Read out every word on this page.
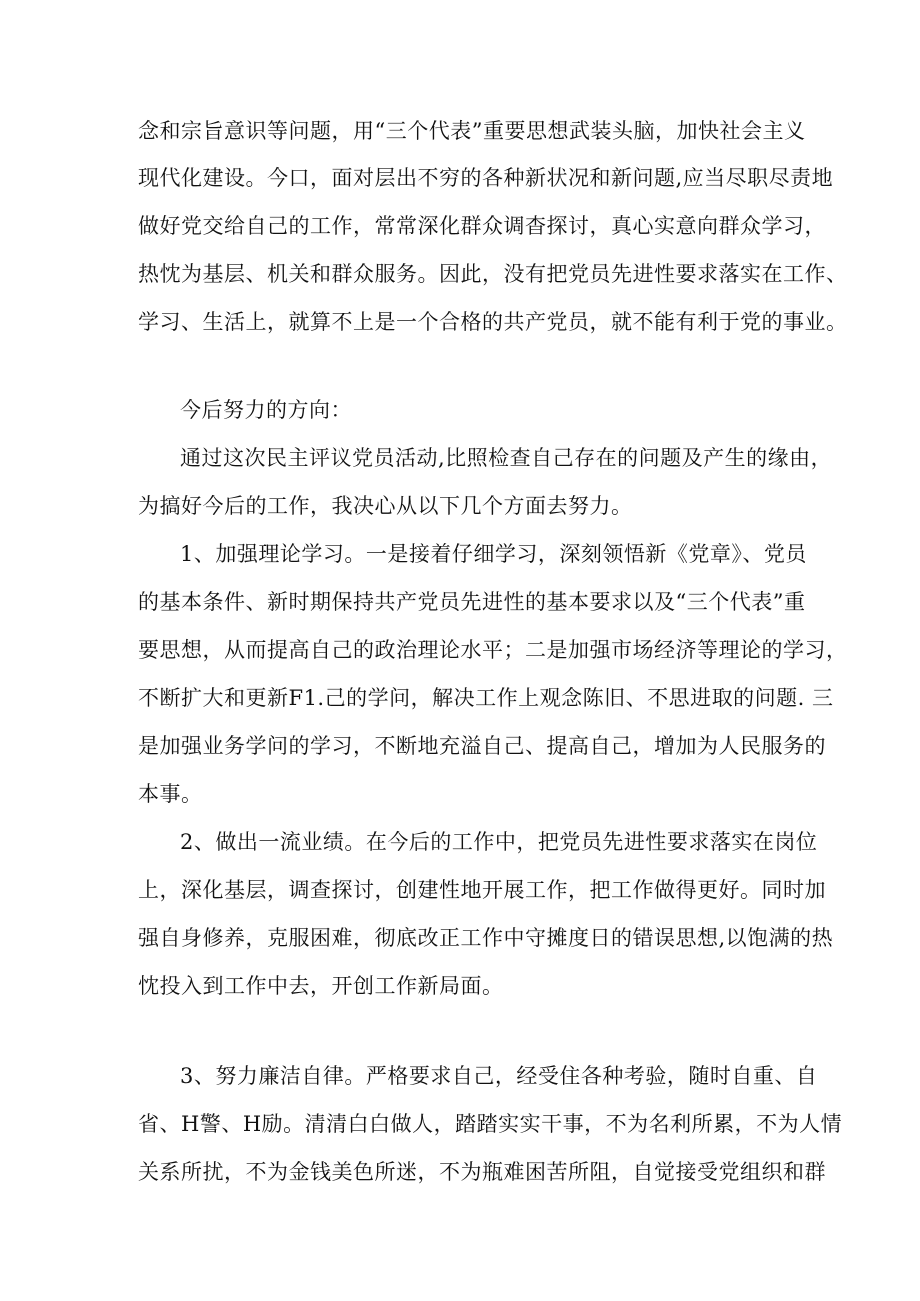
念和宗旨意识等问题，用“三个代表”重要思想武装头脑，加快社会主义
现代化建设。今口，面对层出不穷的各种新状况和新问题,应当尽职尽责地
做好党交给自己的工作，常常深化群众调杳探讨，真心实意向群众学习，
热忱为基层、机关和群众服务。因此，没有把党员先进性要求落实在工作、
学习、生活上，就算不上是一个合格的共产党员，就不能有利于党的事业。
今后努力的方向：
通过这次民主评议党员活动,比照检查自己存在的问题及产生的缘由，
为搞好今后的工作，我决心从以下几个方面去努力。
1、加强理论学习。一是接着仔细学习，深刻领悟新《党章》、党员
的基本条件、新时期保持共产党员先进性的基本要求以及“三个代表”重
要思想，从而提高自己的政治理论水平；二是加强市场经济等理论的学习，
不断扩大和更新F1.己的学问，解决工作上观念陈旧、不思进取的问题. 三
是加强业务学问的学习，不断地充溢自己、提高自己，增加为人民服务的
本事。
2、做出一流业绩。在今后的工作中，把党员先进性要求落实在岗位
上，深化基层，调查探讨，创建性地开展工作，把工作做得更好。同时加
强自身修养，克服困难，彻底改正工作中守摊度日的错误思想,以饱满的热
忱投入到工作中去，开创工作新局面。
3、努力廉洁自律。严格要求自己，经受住各种考验，随时自重、自
省、H警、H励。清清白白做人，踏踏实实干事，不为名利所累，不为人情
关系所扰，不为金钱美色所迷，不为瓶难困苦所阻，自觉接受党组织和群
